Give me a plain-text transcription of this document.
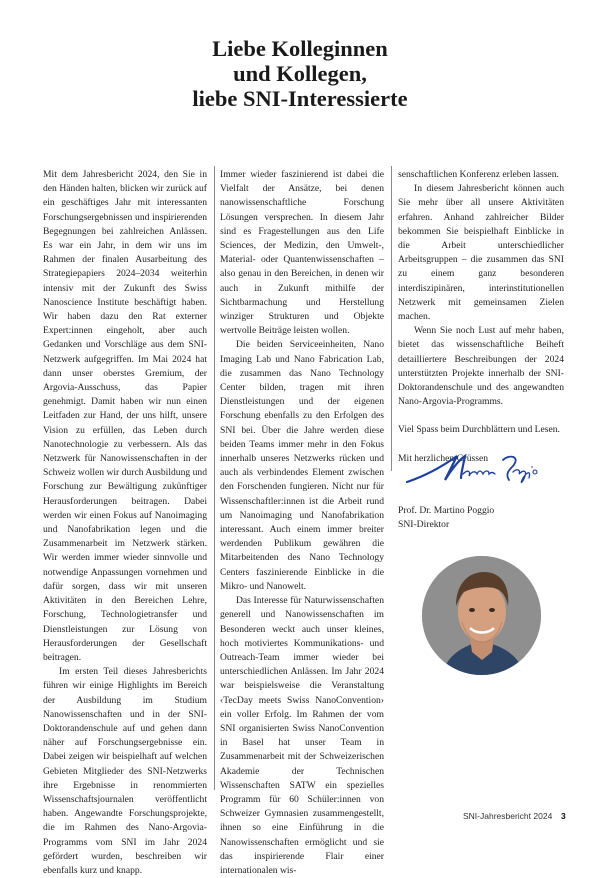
Liebe Kolleginnen
und Kollegen,
liebe SNI-Interessierte

Mit dem Jahresbericht 2024, den Sie in den Händen halten, blicken wir zurück auf ein geschäftiges Jahr mit interessanten Forschungsergebnissen und inspirierenden Begegnungen bei zahlreichen Anlässen. Es war ein Jahr, in dem wir uns im Rahmen der finalen Ausarbeitung des Strategiepapiers 2024–2034 weiterhin intensiv mit der Zukunft des Swiss Nanoscience Institute beschäftigt haben. Wir haben dazu den Rat externer Expert:innen eingeholt, aber auch Gedanken und Vorschläge aus dem SNI-Netzwerk aufgegriffen. Im Mai 2024 hat dann unser oberstes Gremium, der Argovia-Ausschuss, das Papier genehmigt. Damit haben wir nun einen Leitfaden zur Hand, der uns hilft, unsere Vision zu erfüllen, das Leben durch Nanotechnologie zu verbessern. Als das Netzwerk für Nanowissenschaften in der Schweiz wollen wir durch Ausbildung und Forschung zur Bewältigung zukünftiger Herausforderungen beitragen. Dabei werden wir einen Fokus auf Nanoimaging und Nanofabrikation legen und die Zusammenarbeit im Netzwerk stärken. Wir werden immer wieder sinnvolle und notwendige Anpassungen vornehmen und dafür sorgen, dass wir mit unseren Aktivitäten in den Bereichen Lehre, Forschung, Technologietransfer und Dienstleistungen zur Lösung von Herausforderungen der Gesellschaft beitragen.

Im ersten Teil dieses Jahresberichts führen wir einige Highlights im Bereich der Ausbildung im Studium Nanowissenschaften und in der SNI-Doktorandenschule auf und gehen dann näher auf Forschungsergebnisse ein. Dabei zeigen wir beispielhaft auf welchen Gebieten Mitglieder des SNI-Netzwerks ihre Ergebnisse in renommierten Wissenschaftsjournalen veröffentlicht haben. Angewandte Forschungsprojekte, die im Rahmen des Nano-Argovia-Programms vom SNI im Jahr 2024 gefördert wurden, beschreiben wir ebenfalls kurz und knapp.

Immer wieder faszinierend ist dabei die Vielfalt der Ansätze, bei denen nanowissenschaftliche Forschung Lösungen versprechen. In diesem Jahr sind es Fragestellungen aus den Life Sciences, der Medizin, den Umwelt-, Material- oder Quantenwissenschaften – also genau in den Bereichen, in denen wir auch in Zukunft mithilfe der Sichtbarmachung und Herstellung winziger Strukturen und Objekte wertvolle Beiträge leisten wollen.

Die beiden Serviceeinheiten, Nano Imaging Lab und Nano Fabrication Lab, die zusammen das Nano Technology Center bilden, tragen mit ihren Dienstleistungen und der eigenen Forschung ebenfalls zu den Erfolgen des SNI bei. Über die Jahre werden diese beiden Teams immer mehr in den Fokus innerhalb unseres Netzwerks rücken und auch als verbindendes Element zwischen den Forschenden fungieren. Nicht nur für Wissenschaftler:innen ist die Arbeit rund um Nanoimaging und Nanofabrikation interessant. Auch einem immer breiter werdenden Publikum gewähren die Mitarbeitenden des Nano Technology Centers faszinierende Einblicke in die Mikro- und Nanowelt.

Das Interesse für Naturwissenschaften generell und Nanowissenschaften im Besonderen weckt auch unser kleines, hoch motiviertes Kommunikations- und Outreach-Team immer wieder bei unterschiedlichen Anlässen. Im Jahr 2024 war beispielsweise die Veranstaltung ‹TecDay meets Swiss NanoConvention› ein voller Erfolg. Im Rahmen der vom SNI organisierten Swiss NanoConvention in Basel hat unser Team in Zusammenarbeit mit der Schweizerischen Akademie der Technischen Wissenschaften SATW ein spezielles Programm für 60 Schüler:innen von Schweizer Gymnasien zusammengestellt, ihnen so eine Einführung in die Nanowissenschaften ermöglicht und sie das inspirierende Flair einer internationalen wis-

senschaftlichen Konferenz erleben lassen.

In diesem Jahresbericht können auch Sie mehr über all unsere Aktivitäten erfahren. Anhand zahlreicher Bilder bekommen Sie beispielhaft Einblicke in die Arbeit unterschiedlicher Arbeitsgruppen – die zusammen das SNI zu einem ganz besonderen interdiszipinären, interinstitutionellen Netzwerk mit gemeinsamen Zielen machen.

Wenn Sie noch Lust auf mehr haben, bietet das wissenschaftliche Beiheft detailliertere Beschreibungen der 2024 unterstützten Projekte innerhalb der SNI-Doktorandenschule und des angewandten Nano-Argovia-Programms.

Viel Spass beim Durchblättern und Lesen.

Mit herzlichen Grüssen

Prof. Dr. Martino Poggio
SNI-Direktor
SNI-Jahresbericht 2024 3
